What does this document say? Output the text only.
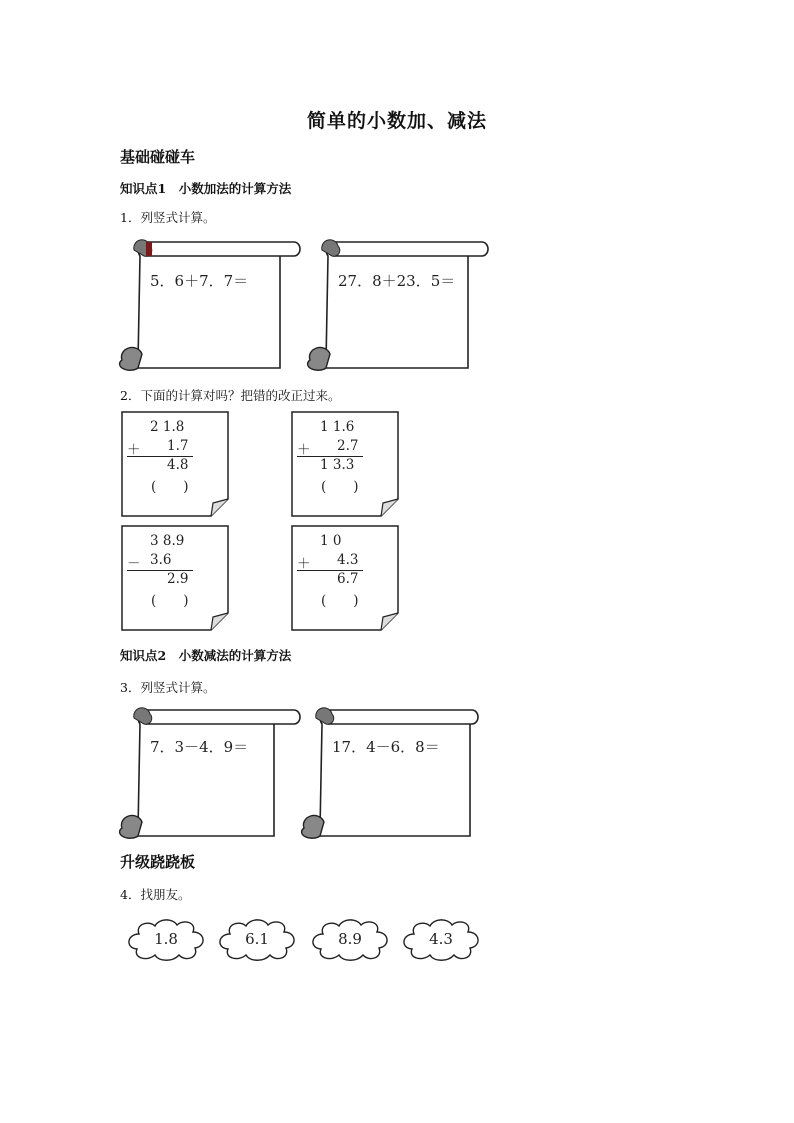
简单的小数加、减法
基础碰碰车
知识点1　小数加法的计算方法
1．列竖式计算。
5．6＋7．7＝	27．8＋23．5＝
2．下面的计算对吗？把错的改正过来。
2 1.8
＋ 1.7
4.8
(　　)
1 1.6
＋ 2.7
1 3.3
(　　)
3 8.9
－ 3.6
2.9
(　　)
1 0
＋ 4.3
6.7
(　　)
知识点2　小数减法的计算方法
3．列竖式计算。
7．3－4．9＝	17．4－6．8＝
升级跷跷板
4．找朋友。
1.8	6.1	8.9	4.3
